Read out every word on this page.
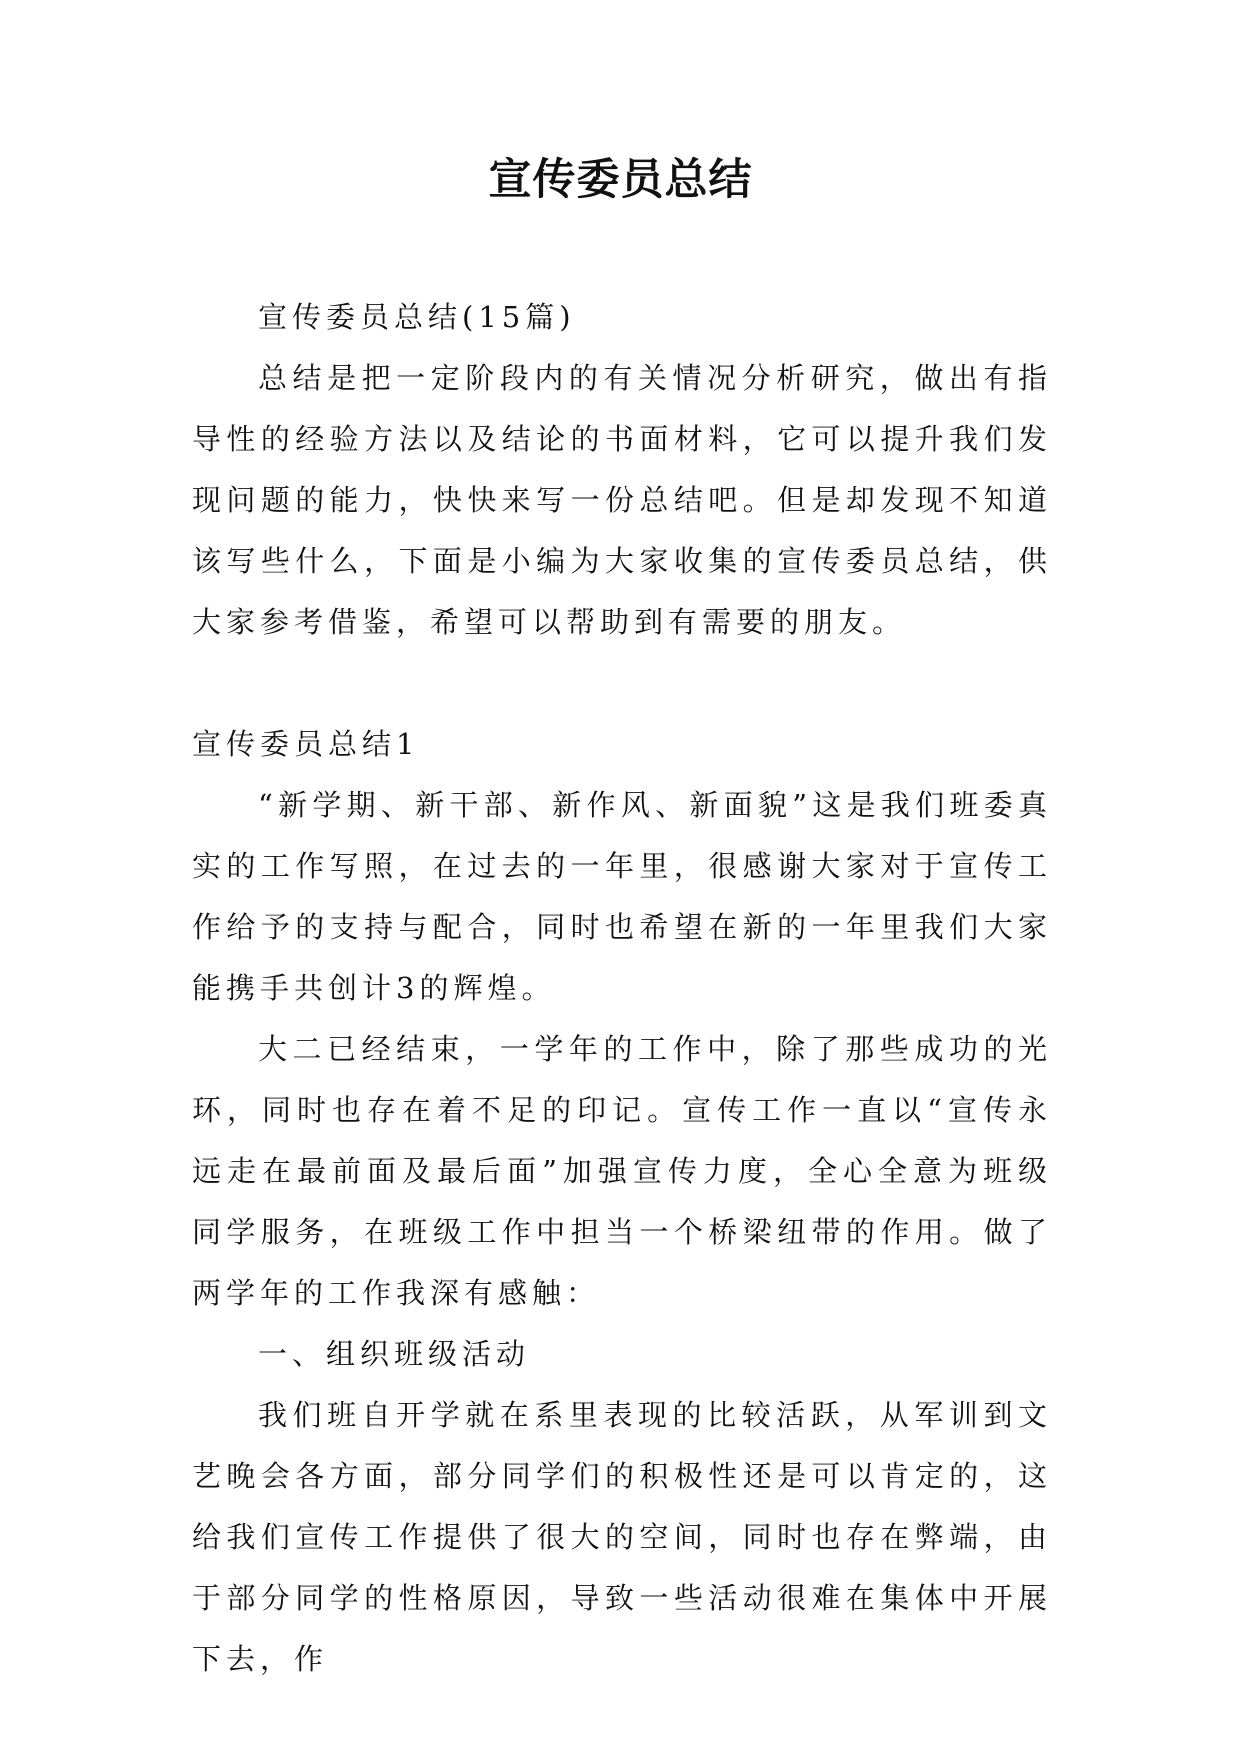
宣传委员总结

宣传委员总结(15篇)

总结是把一定阶段内的有关情况分析研究，做出有指导性的经验方法以及结论的书面材料，它可以提升我们发现问题的能力，快快来写一份总结吧。但是却发现不知道该写些什么，下面是小编为大家收集的宣传委员总结，供大家参考借鉴，希望可以帮助到有需要的朋友。

宣传委员总结1

“新学期、新干部、新作风、新面貌”这是我们班委真实的工作写照，在过去的一年里，很感谢大家对于宣传工作给予的支持与配合，同时也希望在新的一年里我们大家能携手共创计3的辉煌。

大二已经结束，一学年的工作中，除了那些成功的光环，同时也存在着不足的印记。宣传工作一直以“宣传永远走在最前面及最后面”加强宣传力度，全心全意为班级同学服务，在班级工作中担当一个桥梁纽带的作用。做了两学年的工作我深有感触：

一、组织班级活动

我们班自开学就在系里表现的比较活跃，从军训到文艺晚会各方面，部分同学们的积极性还是可以肯定的，这给我们宣传工作提供了很大的空间，同时也存在弊端，由于部分同学的性格原因，导致一些活动很难在集体中开展下去，作
